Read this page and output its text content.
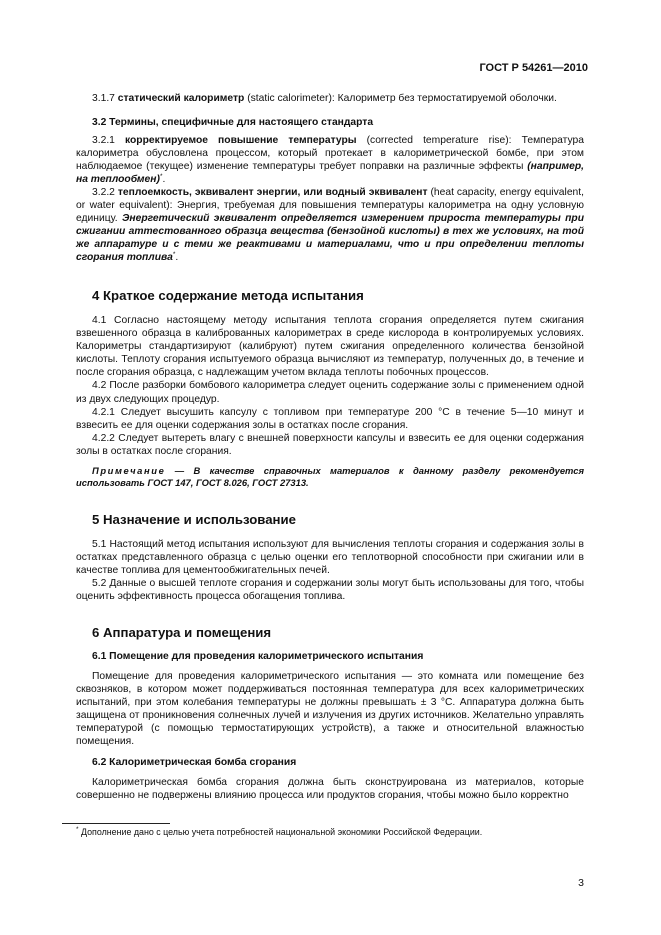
ГОСТ Р 54261—2010

3.1.7 статический калориметр (static calorimeter): Калориметр без термостатируемой оболочки.

3.2 Термины, специфичные для настоящего стандарта

3.2.1 корректируемое повышение температуры (corrected temperature rise): Температура калориметра обусловлена процессом, который протекает в калориметрической бомбе, при этом наблюдаемое (текущее) изменение температуры требует поправки на различные эффекты (например, на теплообмен)*.

3.2.2 теплоемкость, эквивалент энергии, или водный эквивалент (heat capacity, energy equivalent, or water equivalent): Энергия, требуемая для повышения температуры калориметра на одну условную единицу. Энергетический эквивалент определяется измерением прироста температуры при сжигании аттестованного образца вещества (бензойной кислоты) в тех же условиях, на той же аппаратуре и с теми же реактивами и материалами, что и при определении теплоты сгорания топлива*.

4 Краткое содержание метода испытания

4.1 Согласно настоящему методу испытания теплота сгорания определяется путем сжигания взвешенного образца в калиброванных калориметрах в среде кислорода в контролируемых условиях. Калориметры стандартизируют (калибруют) путем сжигания определенного количества бензойной кислоты. Теплоту сгорания испытуемого образца вычисляют из температур, полученных до, в течение и после сгорания образца, с надлежащим учетом вклада теплоты побочных процессов.

4.2 После разборки бомбового калориметра следует оценить содержание золы с применением одной из двух следующих процедур.

4.2.1 Следует высушить капсулу с топливом при температуре 200 °С в течение 5—10 минут и взвесить ее для оценки содержания золы в остатках после сгорания.

4.2.2 Следует вытереть влагу с внешней поверхности капсулы и взвесить ее для оценки содержания золы в остатках после сгорания.

Примечание — В качестве справочных материалов к данному разделу рекомендуется использовать ГОСТ 147, ГОСТ 8.026, ГОСТ 27313.

5 Назначение и использование

5.1 Настоящий метод испытания используют для вычисления теплоты сгорания и содержания золы в остатках представленного образца с целью оценки его теплотворной способности при сжигании или в качестве топлива для цементообжигательных печей.

5.2 Данные о высшей теплоте сгорания и содержании золы могут быть использованы для того, чтобы оценить эффективность процесса обогащения топлива.

6 Аппаратура и помещения

6.1 Помещение для проведения калориметрического испытания

Помещение для проведения калориметрического испытания — это комната или помещение без сквозняков, в котором может поддерживаться постоянная температура для всех калориметрических испытаний, при этом колебания температуры не должны превышать ± 3 °С. Аппаратура должна быть защищена от проникновения солнечных лучей и излучения из других источников. Желательно управлять температурой (с помощью термостатирующих устройств), а также и относительной влажностью помещения.

6.2 Калориметрическая бомба сгорания

Калориметрическая бомба сгорания должна быть сконструирована из материалов, которые совершенно не подвержены влиянию процесса или продуктов сгорания, чтобы можно было корректно

* Дополнение дано с целью учета потребностей национальной экономики Российской Федерации.
3
